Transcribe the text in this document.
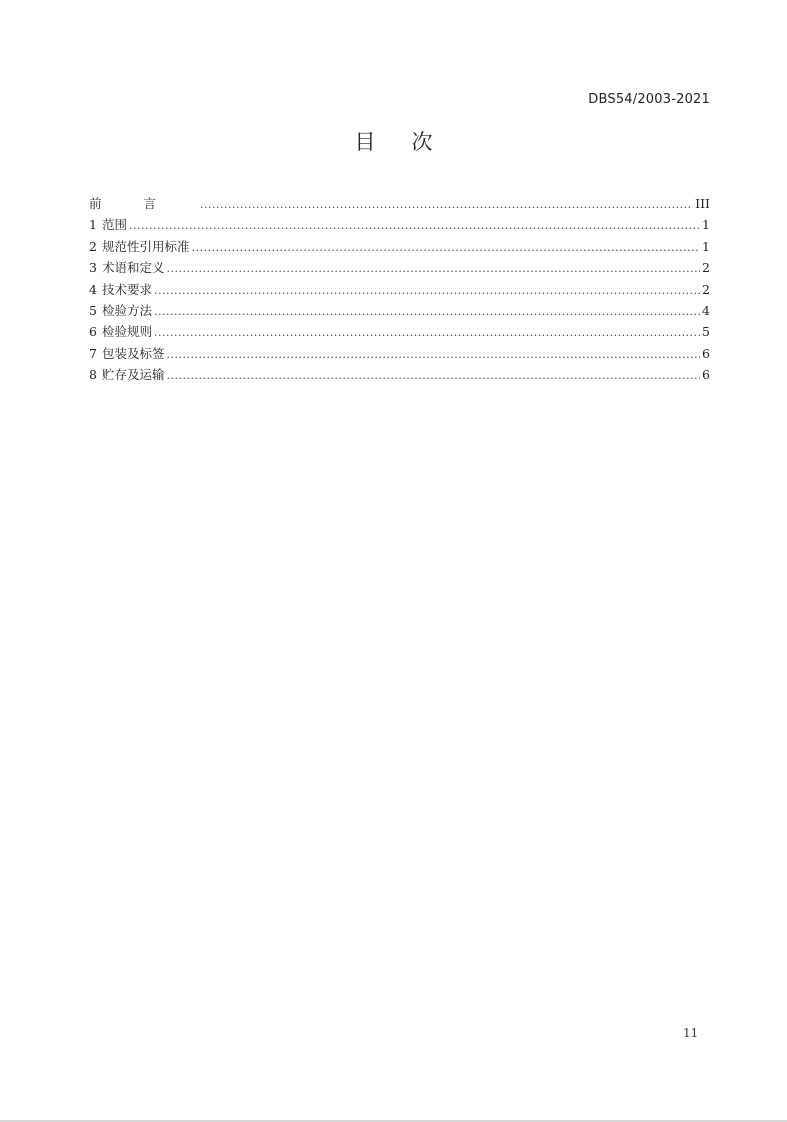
DBS54/2003-2021
目次
前言 .....	III
1 范围 .....	1
2 规范性引用标准 .....	1
3 术语和定义 .....	2
4 技术要求 .....	2
5 检验方法 .....	4
6 检验规则 .....	5
7 包装及标签 .....	6
8 贮存及运输 .....	6
11
